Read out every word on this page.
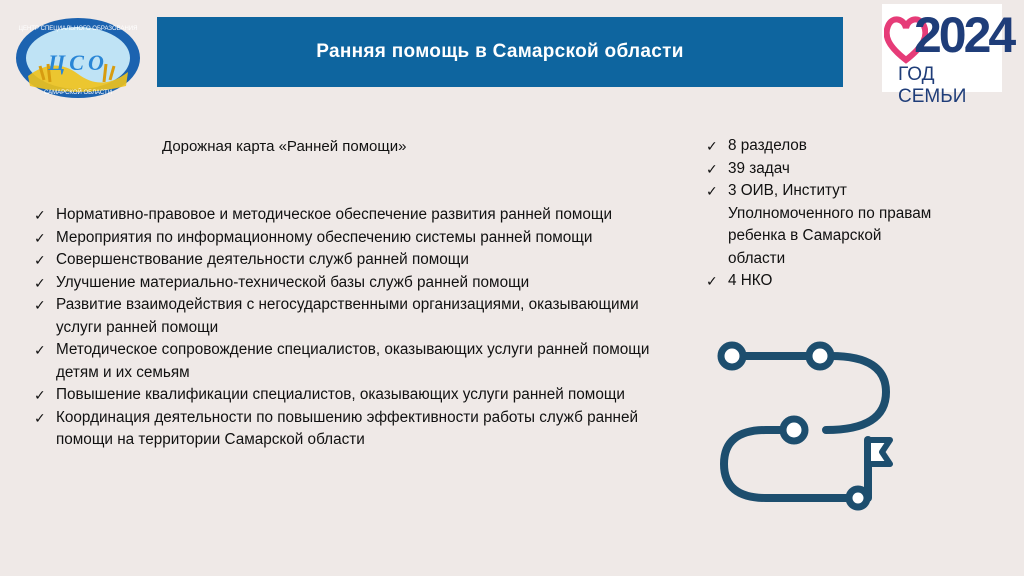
ЦЕНТР СПЕЦИАЛЬНОГО ОБРАЗОВАНИЯ
ЦСО
САМАРСКОЙ ОБЛАСТИ
Ранняя помощь в Самарской области	2024
ГОД СЕМЬИ
Дорожная карта «Ранней помощи»
✓ Нормативно-правовое и методическое обеспечение развития ранней помощи
✓ Мероприятия по информационному обеспечению системы ранней помощи
✓ Совершенствование деятельности служб ранней помощи
✓ Улучшение материально-технической базы служб ранней помощи
✓ Развитие взаимодействия с негосударственными организациями, оказывающими услуги ранней помощи
✓ Методическое сопровождение специалистов, оказывающих услуги ранней помощи детям и их семьям
✓ Повышение квалификации специалистов, оказывающих услуги ранней помощи
✓ Координация деятельности по повышению эффективности работы служб ранней помощи на территории Самарской области
✓ 8 разделов
✓ 39 задач
✓ 3 ОИВ, Институт Уполномоченного по правам ребенка в Самарской области
✓ 4 НКО
